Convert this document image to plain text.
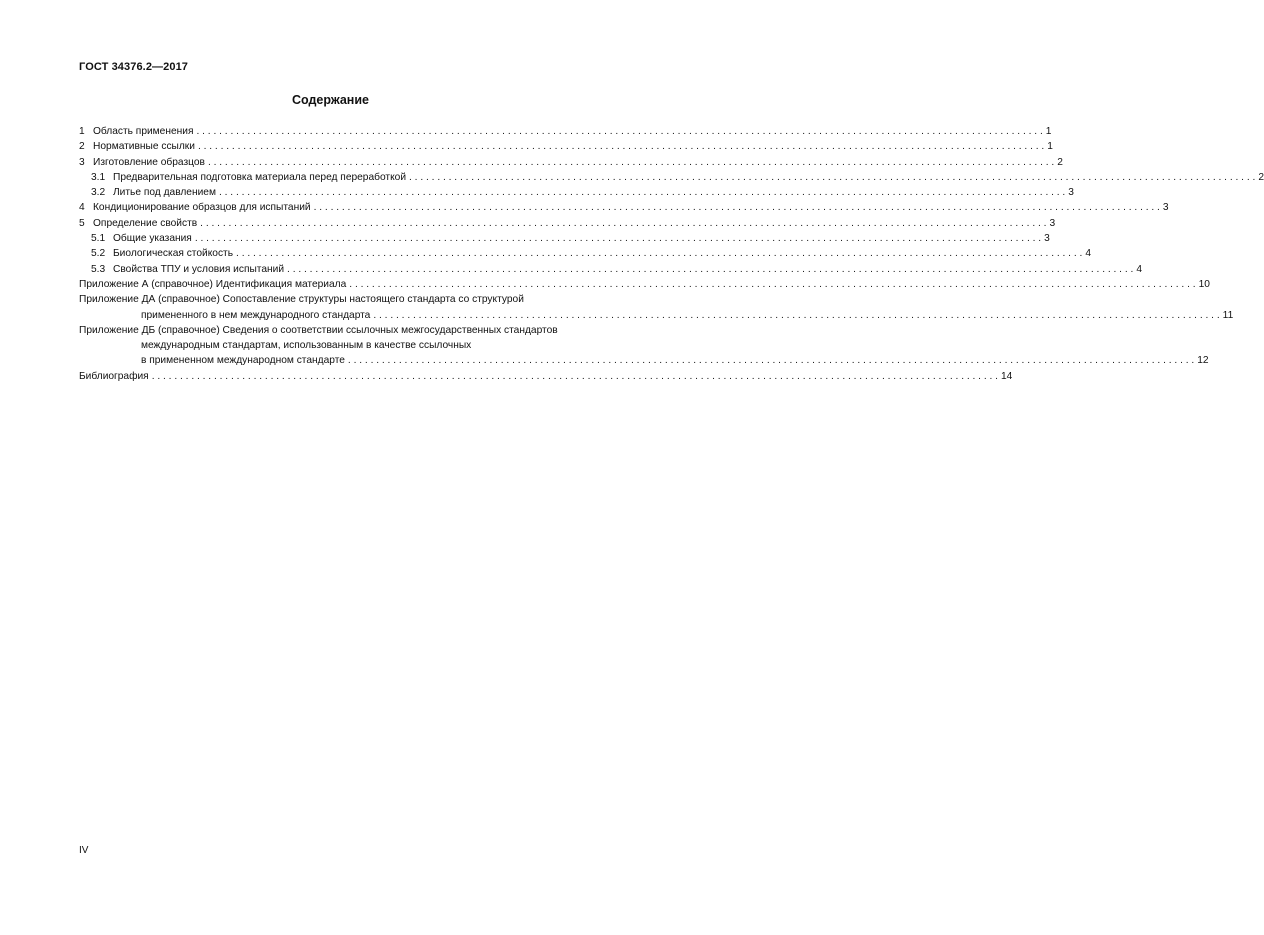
ГОСТ 34376.2—2017
Содержание
1 Область применения . . .	1
2 Нормативные ссылки . . .	1
3 Изготовление образцов . . .	2
3.1 Предварительная подготовка материала перед переработкой . . .	2
3.2 Литье под давлением . . .	3
4 Кондиционирование образцов для испытаний . . .	3
5 Определение свойств . . .	3
5.1 Общие указания . . .	3
5.2 Биологическая стойкость . . .	4
5.3 Свойства ТПУ и условия испытаний . . .	4
Приложение А (справочное) Идентификация материала . . .	10
Приложение ДА (справочное) Сопоставление структуры настоящего стандарта со структурой
примененного в нем международного стандарта . . .	11
Приложение ДБ (справочное) Сведения о соответствии ссылочных межгосударственных стандартов
международным стандартам, использованным в качестве ссылочных
в примененном международном стандарте . . .	12
Библиография . . .	14
IV
